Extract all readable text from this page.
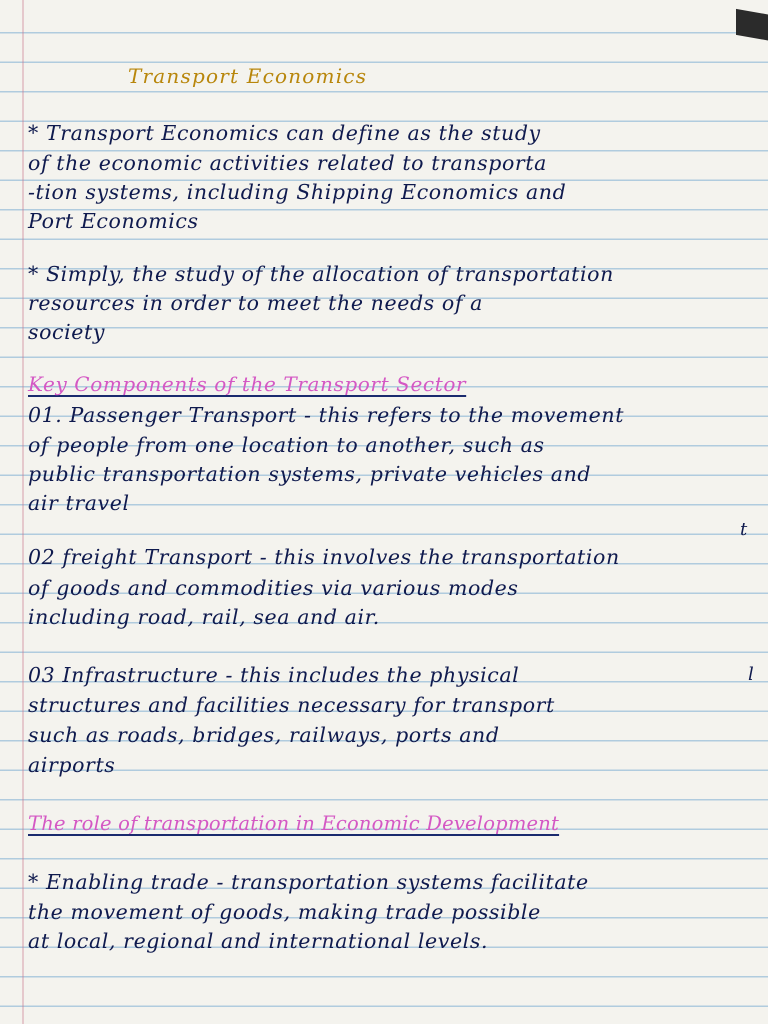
Transport Economics

* Transport Economics can define as the study

of the economic activities related to transporta

-tion systems, including Shipping Economics and

Port Economics

* Simply, the study of the allocation of transportation

resources in order to meet the needs of a

society

Key Components of the Transport Sector

01. Passenger Transport - this refers to the movement

of people from one location to another, such as

public transportation systems, private vehicles and

air travel

t

02 freight Transport - this involves the transportation

of goods and commodities via various modes

including road, rail, sea and air.

03 Infrastructure - this includes the physical	l

structures and facilities necessary for transport

such as roads, bridges, railways, ports and

airports

The role of transportation in Economic Development

* Enabling trade - transportation systems facilitate

the movement of goods, making trade possible

at local, regional and international levels.
